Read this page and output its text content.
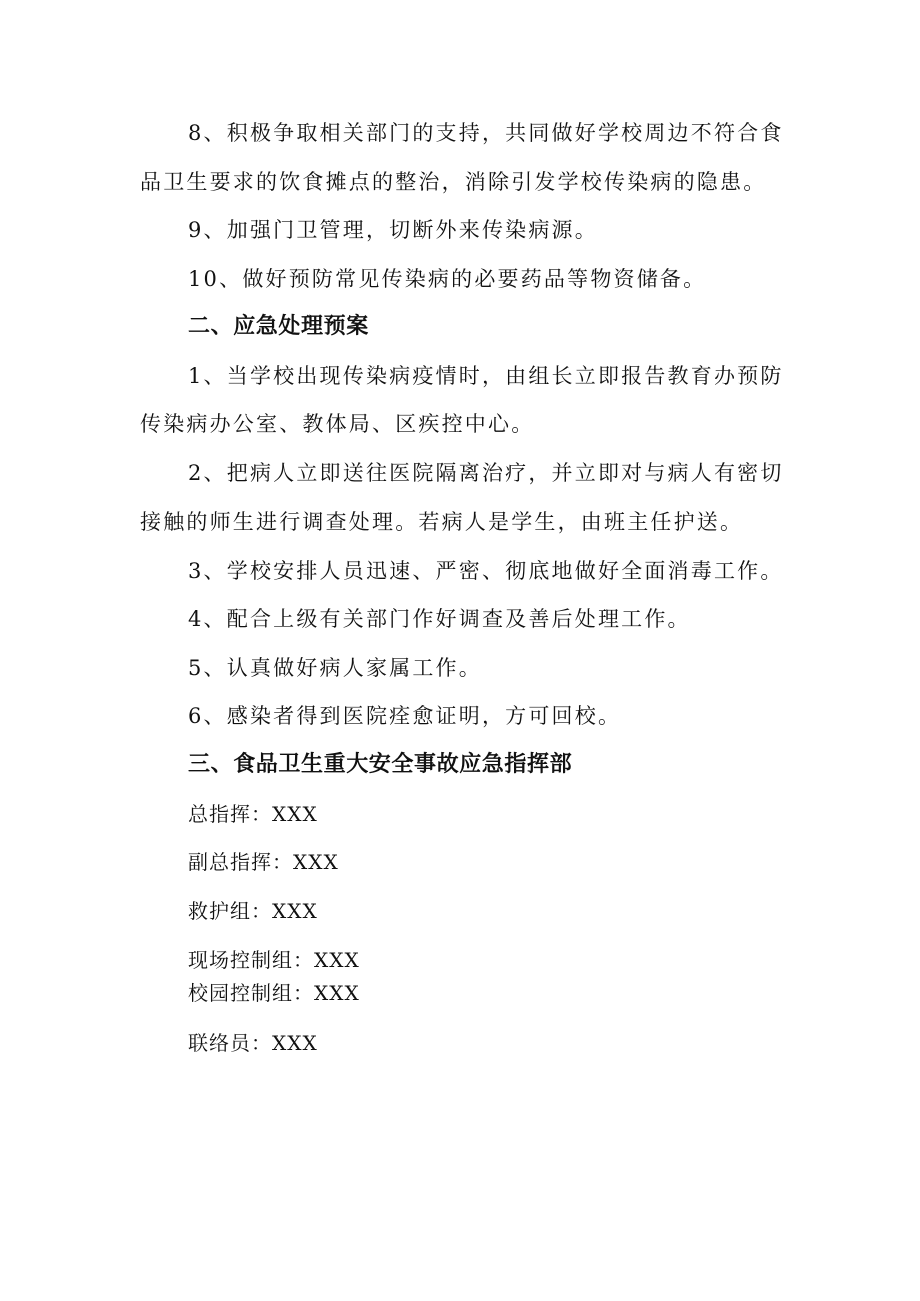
8、积极争取相关部门的支持，共同做好学校周边不符合食
品卫生要求的饮食摊点的整治，消除引发学校传染病的隐患。
9、加强门卫管理，切断外来传染病源。
10、做好预防常见传染病的必要药品等物资储备。
二、应急处理预案
1、当学校出现传染病疫情时，由组长立即报告教育办预防
传染病办公室、教体局、区疾控中心。
2、把病人立即送往医院隔离治疗，并立即对与病人有密切
接触的师生进行调查处理。若病人是学生，由班主任护送。
3、学校安排人员迅速、严密、彻底地做好全面消毒工作。
4、配合上级有关部门作好调查及善后处理工作。
5、认真做好病人家属工作。
6、感染者得到医院痊愈证明，方可回校。
三、食品卫生重大安全事故应急指挥部
总指挥：XXX
副总指挥：XXX
救护组：XXX
现场控制组：XXX
校园控制组：XXX
联络员：XXX
